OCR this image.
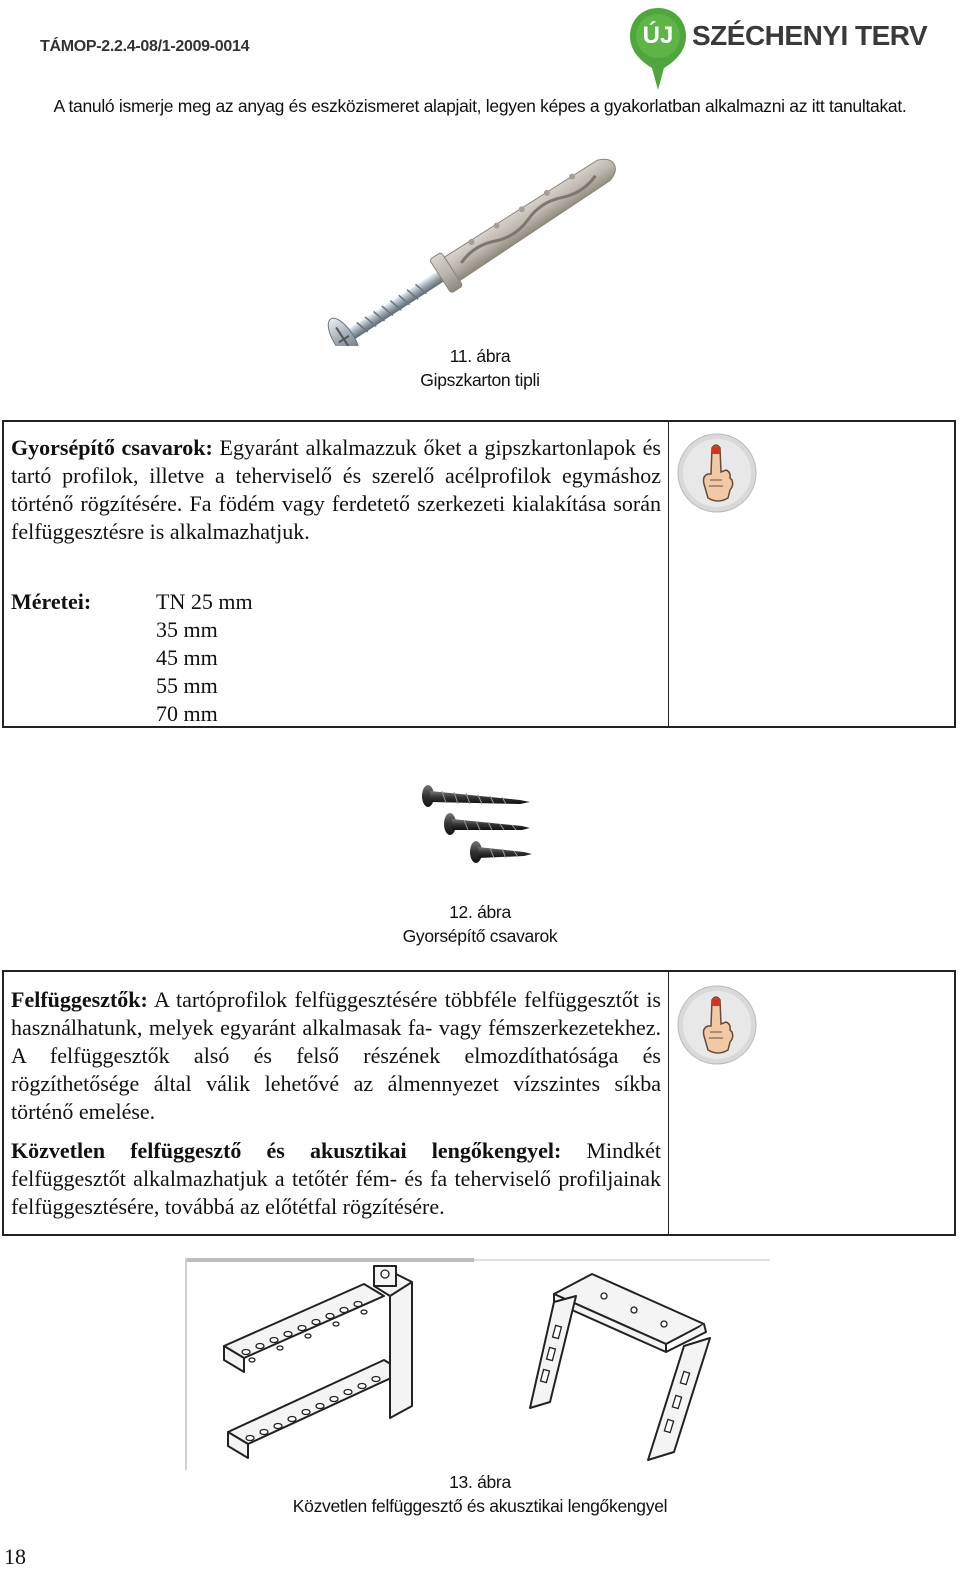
TÁMOP-2.2.4-08/1-2009-0014	ÚJ SZÉCHENYI TERV
A tanuló ismerje meg az anyag és eszközismeret alapjait, legyen képes a gyakorlatban alkalmazni az itt tanultakat.
11. ábra
Gipszkarton tipli

Gyorsépítő csavarok: Egyaránt alkalmazzuk őket a gipszkartonlapok és tartó profilok, illetve a teherviselő és szerelő acélprofilok egymáshoz történő rögzítésére. Fa födém vagy ferdetető szerkezeti kialakítása során felfüggesztésre is alkalmazhatjuk.

Méretei:	TN 25 mm
35 mm
45 mm
55 mm
70 mm
12. ábra
Gyorsépítő csavarok

Felfüggesztők: A tartóprofilok felfüggesztésére többféle felfüggesztőt is használhatunk, melyek egyaránt alkalmasak fa- vagy fémszerkezetekhez. A felfüggesztők alsó és felső részének elmozdíthatósága és rögzíthetősége által válik lehetővé az álmennyezet vízszintes síkba történő emelése.

Közvetlen felfüggesztő és akusztikai lengőkengyel: Mindkét felfüggesztőt alkalmazhatjuk a tetőtér fém- és fa teherviselő profiljainak felfüggesztésére, továbbá az előtétfal rögzítésére.

13. ábra
Közvetlen felfüggesztő és akusztikai lengőkengyel
18
